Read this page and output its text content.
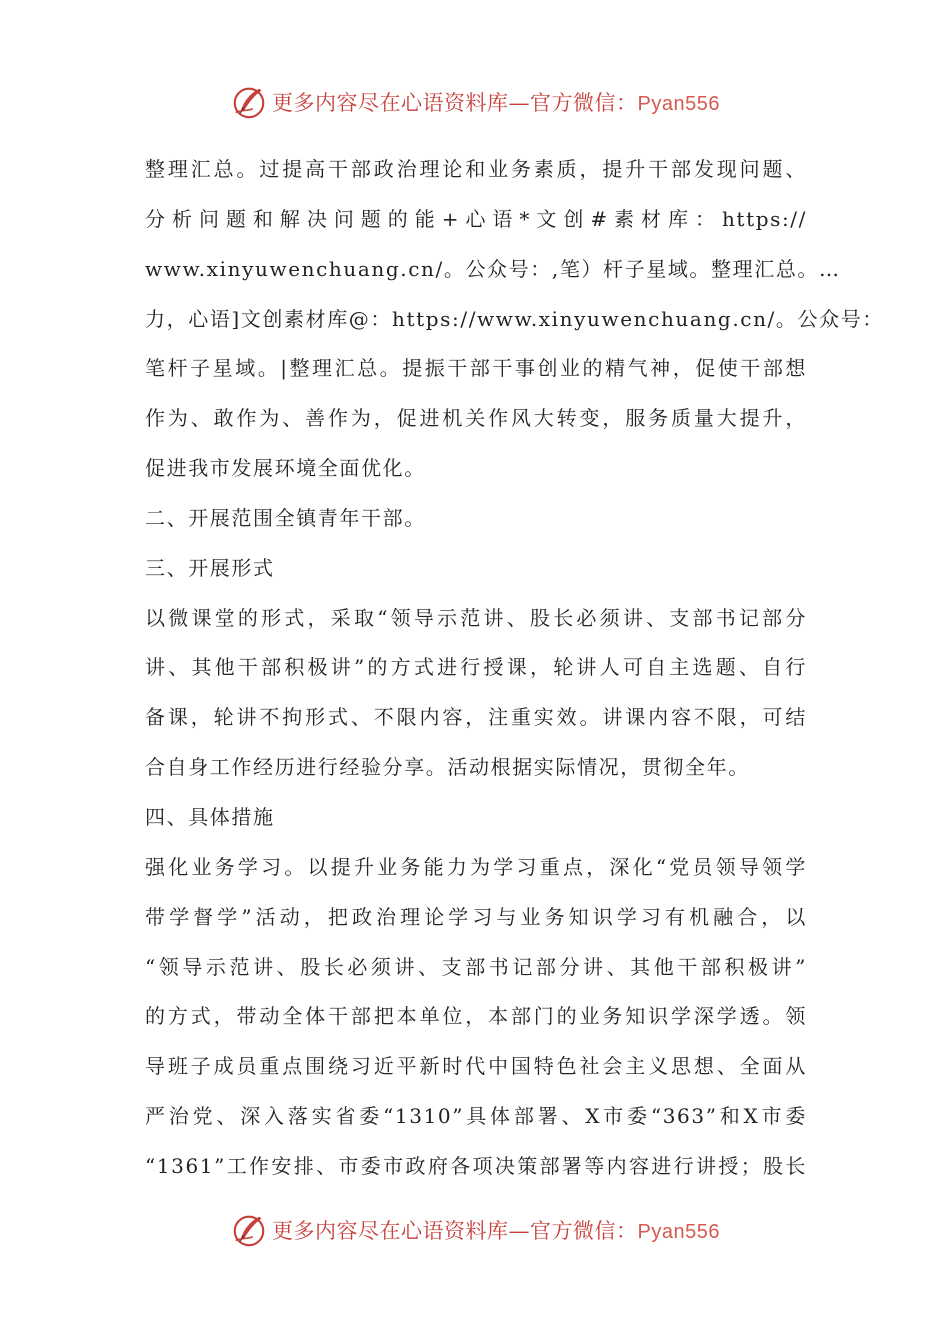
更多内容尽在心语资料库—官方微信：Pyan556
整理汇总。过提高干部政治理论和业务素质，提升干部发现问题、
分析问题和解决问题的能+心语*文创#素材库：https://
www.xinyuwenchuang.cn/。公众号：,笔）杆子星域。整理汇总。…
力，心语]文创素材库@：https://www.xinyuwenchuang.cn/。公众号：
笔杆子星域。|整理汇总。提振干部干事创业的精气神，促使干部想
作为、敢作为、善作为，促进机关作风大转变，服务质量大提升，
促进我市发展环境全面优化。
二、开展范围全镇青年干部。
三、开展形式
以微课堂的形式，采取“领导示范讲、股长必须讲、支部书记部分
讲、其他干部积极讲”的方式进行授课，轮讲人可自主选题、自行
备课，轮讲不拘形式、不限内容，注重实效。讲课内容不限，可结
合自身工作经历进行经验分享。活动根据实际情况，贯彻全年。
四、具体措施
强化业务学习。以提升业务能力为学习重点，深化“党员领导领学
带学督学”活动，把政治理论学习与业务知识学习有机融合，以
“领导示范讲、股长必须讲、支部书记部分讲、其他干部积极讲”
的方式，带动全体干部把本单位，本部门的业务知识学深学透。领
导班子成员重点围绕习近平新时代中国特色社会主义思想、全面从
严治党、深入落实省委“1310”具体部署、X市委“363”和X市委
“1361”工作安排、市委市政府各项决策部署等内容进行讲授；股长
更多内容尽在心语资料库—官方微信：Pyan556
